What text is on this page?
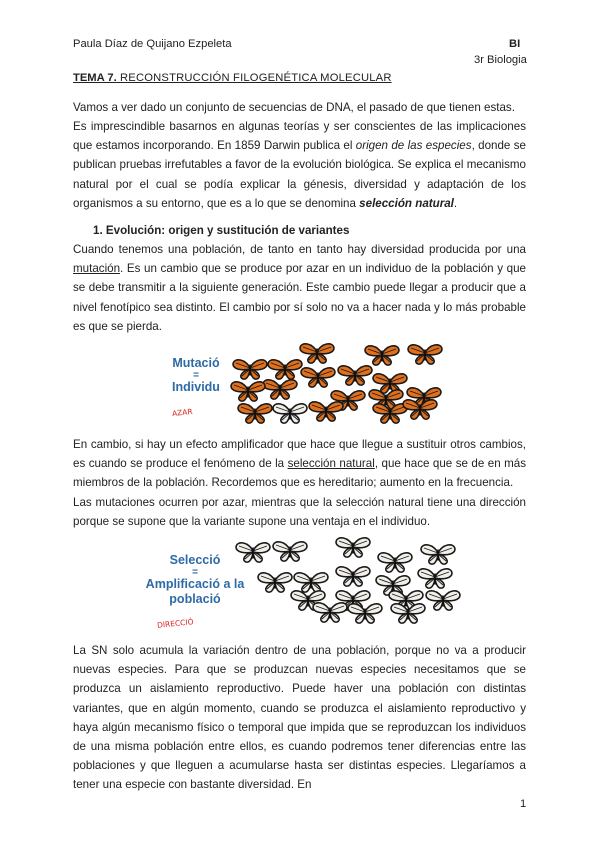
Paula Díaz de Quijano Ezpeleta	BI
3r Biologia
TEMA 7. RECONSTRUCCIÓN FILOGENÉTICA MOLECULAR
Vamos a ver dado un conjunto de secuencias de DNA, el pasado de que tienen estas.
Es imprescindible basarnos en algunas teorías y ser conscientes de las implicaciones que estamos incorporando. En 1859 Darwin publica el origen de las especies, donde se publican pruebas irrefutables a favor de la evolución biológica. Se explica el mecanismo natural por el cual se podía explicar la génesis, diversidad y adaptación de los organismos a su entorno, que es a lo que se denomina selección natural.
1. Evolución: origen y sustitución de variantes
Cuando tenemos una población, de tanto en tanto hay diversidad producida por una mutación. Es un cambio que se produce por azar en un individuo de la población y que se debe transmitir a la siguiente generación. Este cambio puede llegar a producir que a nivel fenotípico sea distinto. El cambio por sí solo no va a hacer nada y lo más probable es que se pierda.
Mutació
=
Individu
AZAR
En cambio, si hay un efecto amplificador que hace que llegue a sustituir otros cambios, es cuando se produce el fenómeno de la selección natural, que hace que se de en más miembros de la población. Recordemos que es hereditario; aumento en la frecuencia.
Las mutaciones ocurren por azar, mientras que la selección natural tiene una dirección porque se supone que la variante supone una ventaja en el individuo.
Selecció
=
Amplificació a la
població
DIRECCIÓ
La SN solo acumula la variación dentro de una población, porque no va a producir nuevas especies. Para que se produzcan nuevas especies necesitamos que se produzca un aislamiento reproductivo. Puede haver una población con distintas variantes, que en algún momento, cuando se produzca el aislamiento reproductivo y haya algún mecanismo físico o temporal que impida que se reproduzcan los individuos de una misma población entre ellos, es cuando podremos tener diferencias entre las poblaciones y que lleguen a acumularse hasta ser distintas especies. Llegaríamos a tener una especie con bastante diversidad. En
1
